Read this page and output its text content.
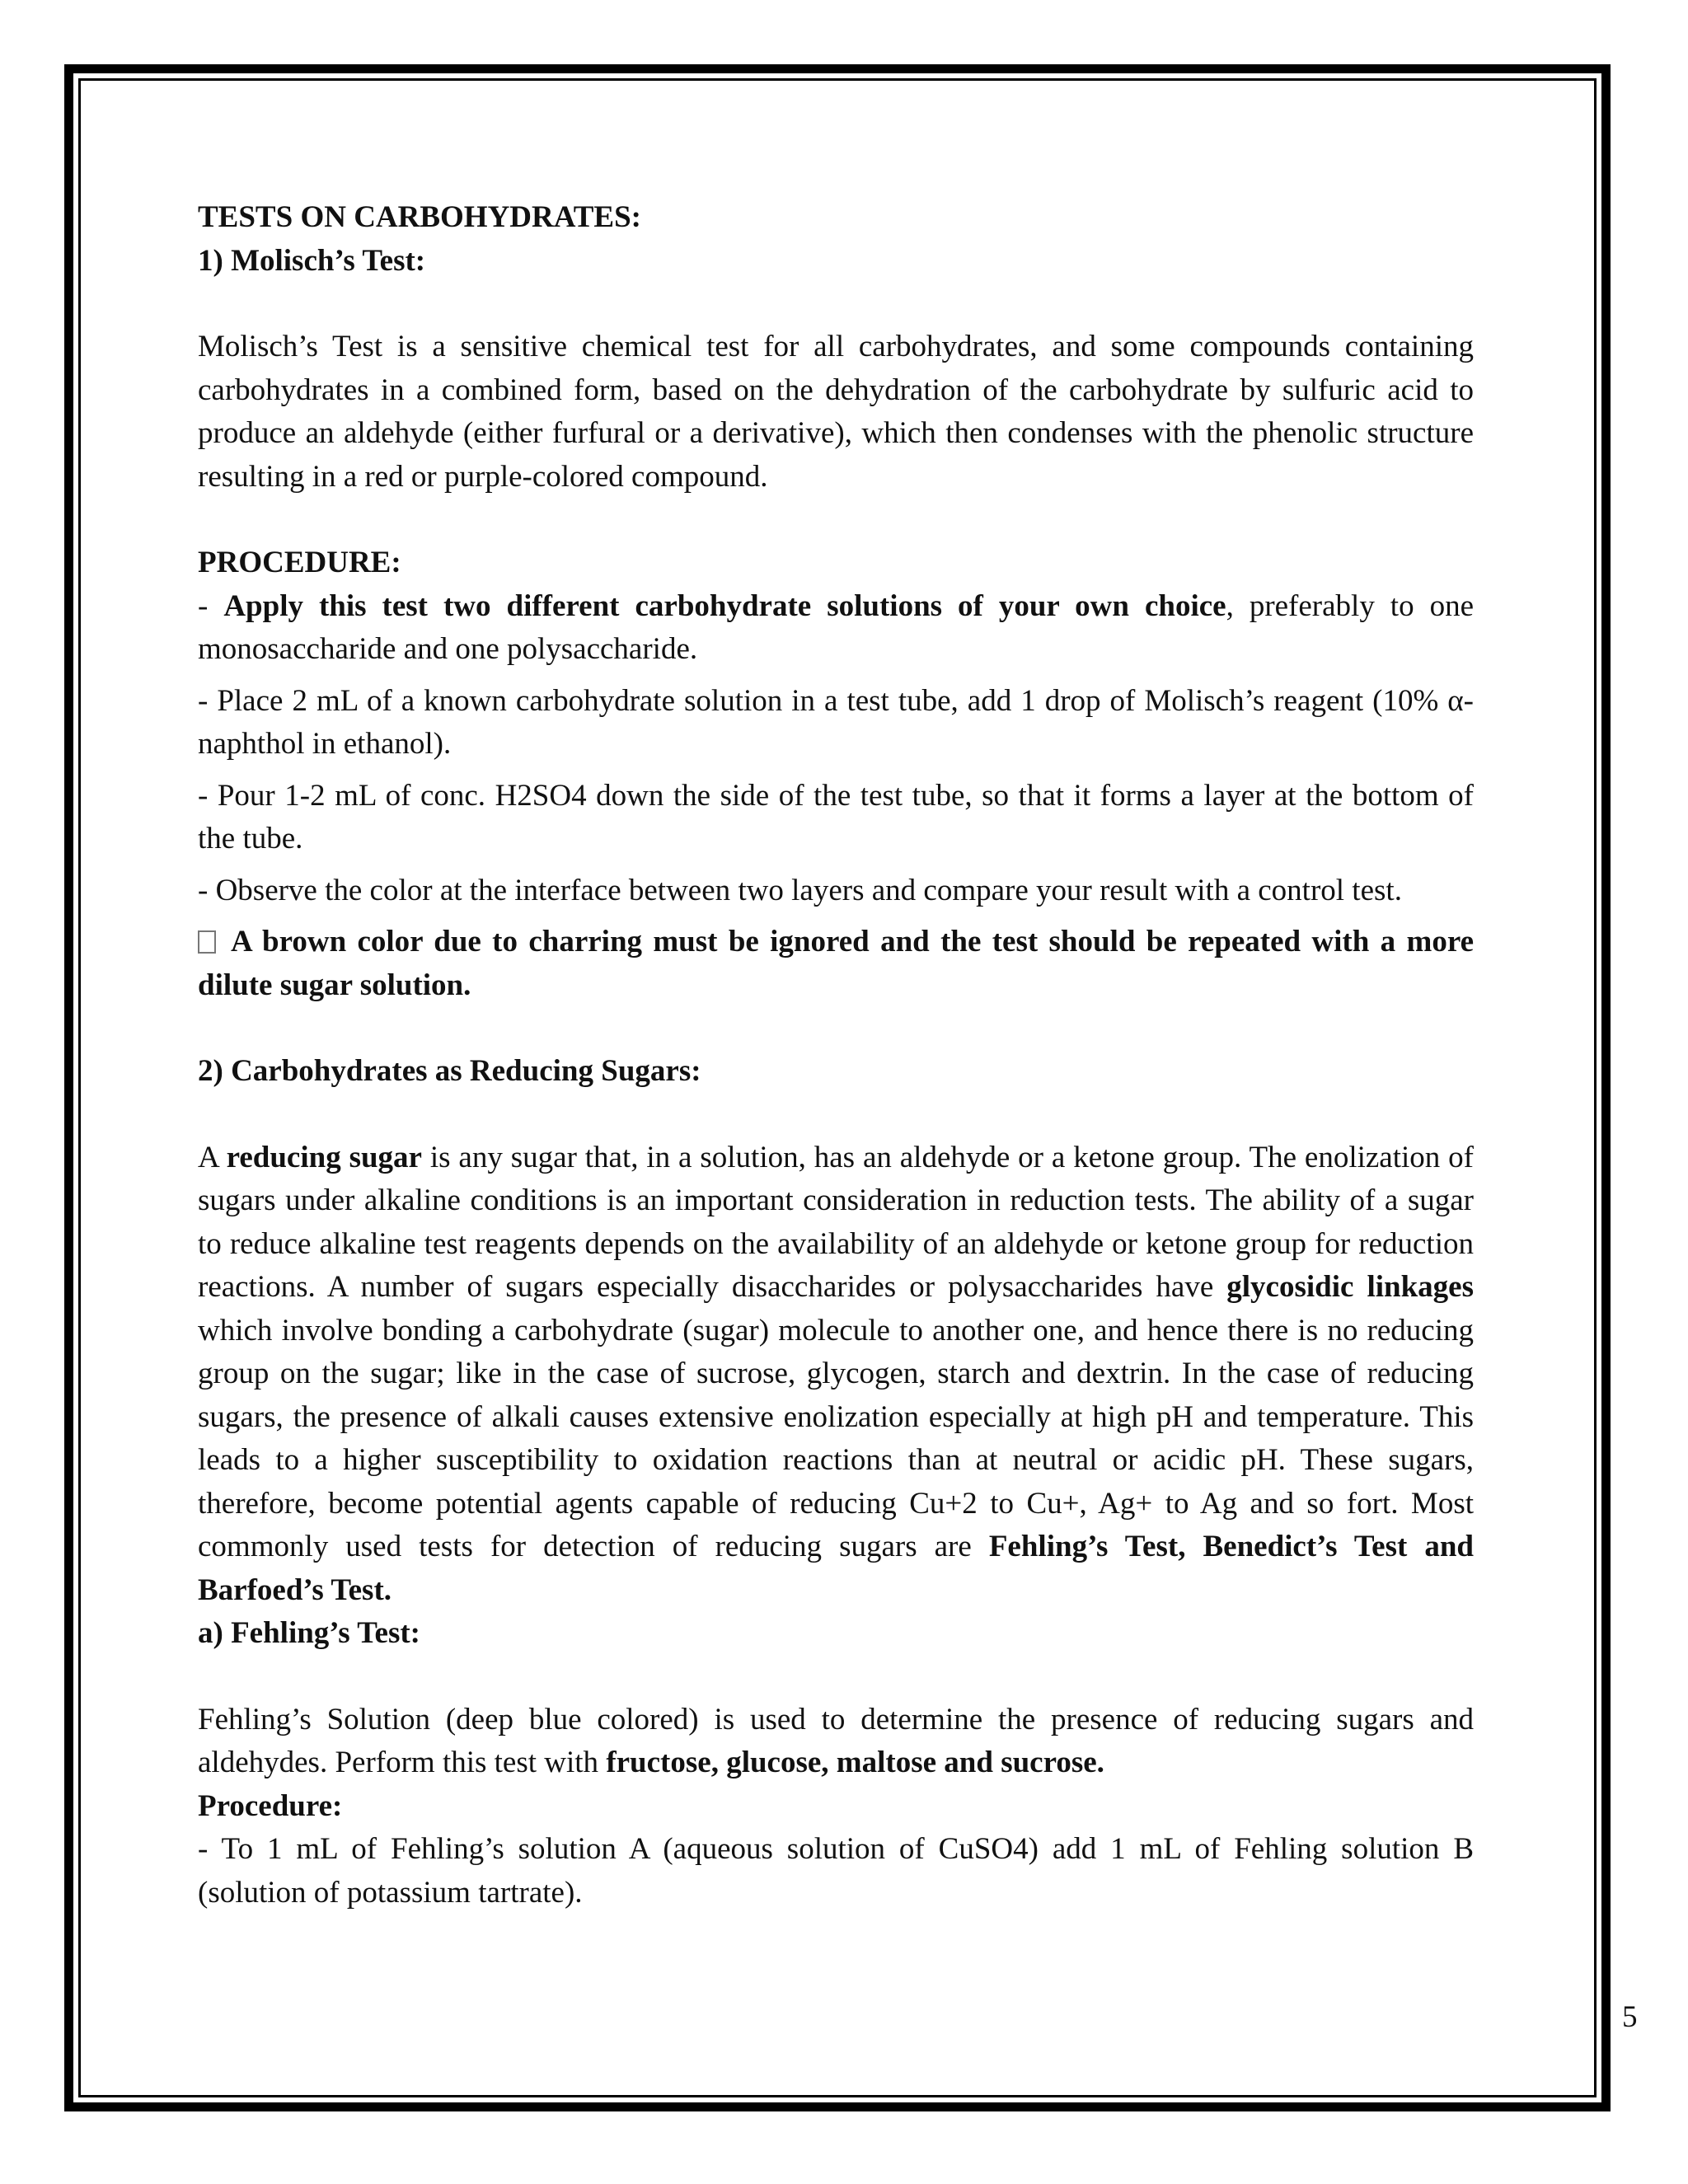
TESTS ON CARBOHYDRATES:

1) Molisch’s Test:

Molisch’s Test is a sensitive chemical test for all carbohydrates, and some compounds containing carbohydrates in a combined form, based on the dehydration of the carbohydrate by sulfuric acid to produce an aldehyde (either furfural or a derivative), which then condenses with the phenolic structure resulting in a red or purple-colored compound.

PROCEDURE:

- Apply this test two different carbohydrate solutions of your own choice, preferably to one monosaccharide and one polysaccharide.

- Place 2 mL of a known carbohydrate solution in a test tube, add 1 drop of Molisch’s reagent (10% α-naphthol in ethanol).

- Pour 1-2 mL of conc. H2SO4 down the side of the test tube, so that it forms a layer at the bottom of the tube.

- Observe the color at the interface between two layers and compare your result with a control test.

A brown color due to charring must be ignored and the test should be repeated with a more dilute sugar solution.

2) Carbohydrates as Reducing Sugars:

A reducing sugar is any sugar that, in a solution, has an aldehyde or a ketone group. The enolization of sugars under alkaline conditions is an important consideration in reduction tests. The ability of a sugar to reduce alkaline test reagents depends on the availability of an aldehyde or ketone group for reduction reactions. A number of sugars especially disaccharides or polysaccharides have glycosidic linkages which involve bonding a carbohydrate (sugar) molecule to another one, and hence there is no reducing group on the sugar; like in the case of sucrose, glycogen, starch and dextrin. In the case of reducing sugars, the presence of alkali causes extensive enolization especially at high pH and temperature. This leads to a higher susceptibility to oxidation reactions than at neutral or acidic pH. These sugars, therefore, become potential agents capable of reducing Cu+2 to Cu+, Ag+ to Ag and so fort. Most commonly used tests for detection of reducing sugars are Fehling’s Test, Benedict’s Test and Barfoed’s Test.

a) Fehling’s Test:

Fehling’s Solution (deep blue colored) is used to determine the presence of reducing sugars and aldehydes. Perform this test with fructose, glucose, maltose and sucrose.

Procedure:

- To 1 mL of Fehling’s solution A (aqueous solution of CuSO4) add 1 mL of Fehling solution B (solution of potassium tartrate).

5
